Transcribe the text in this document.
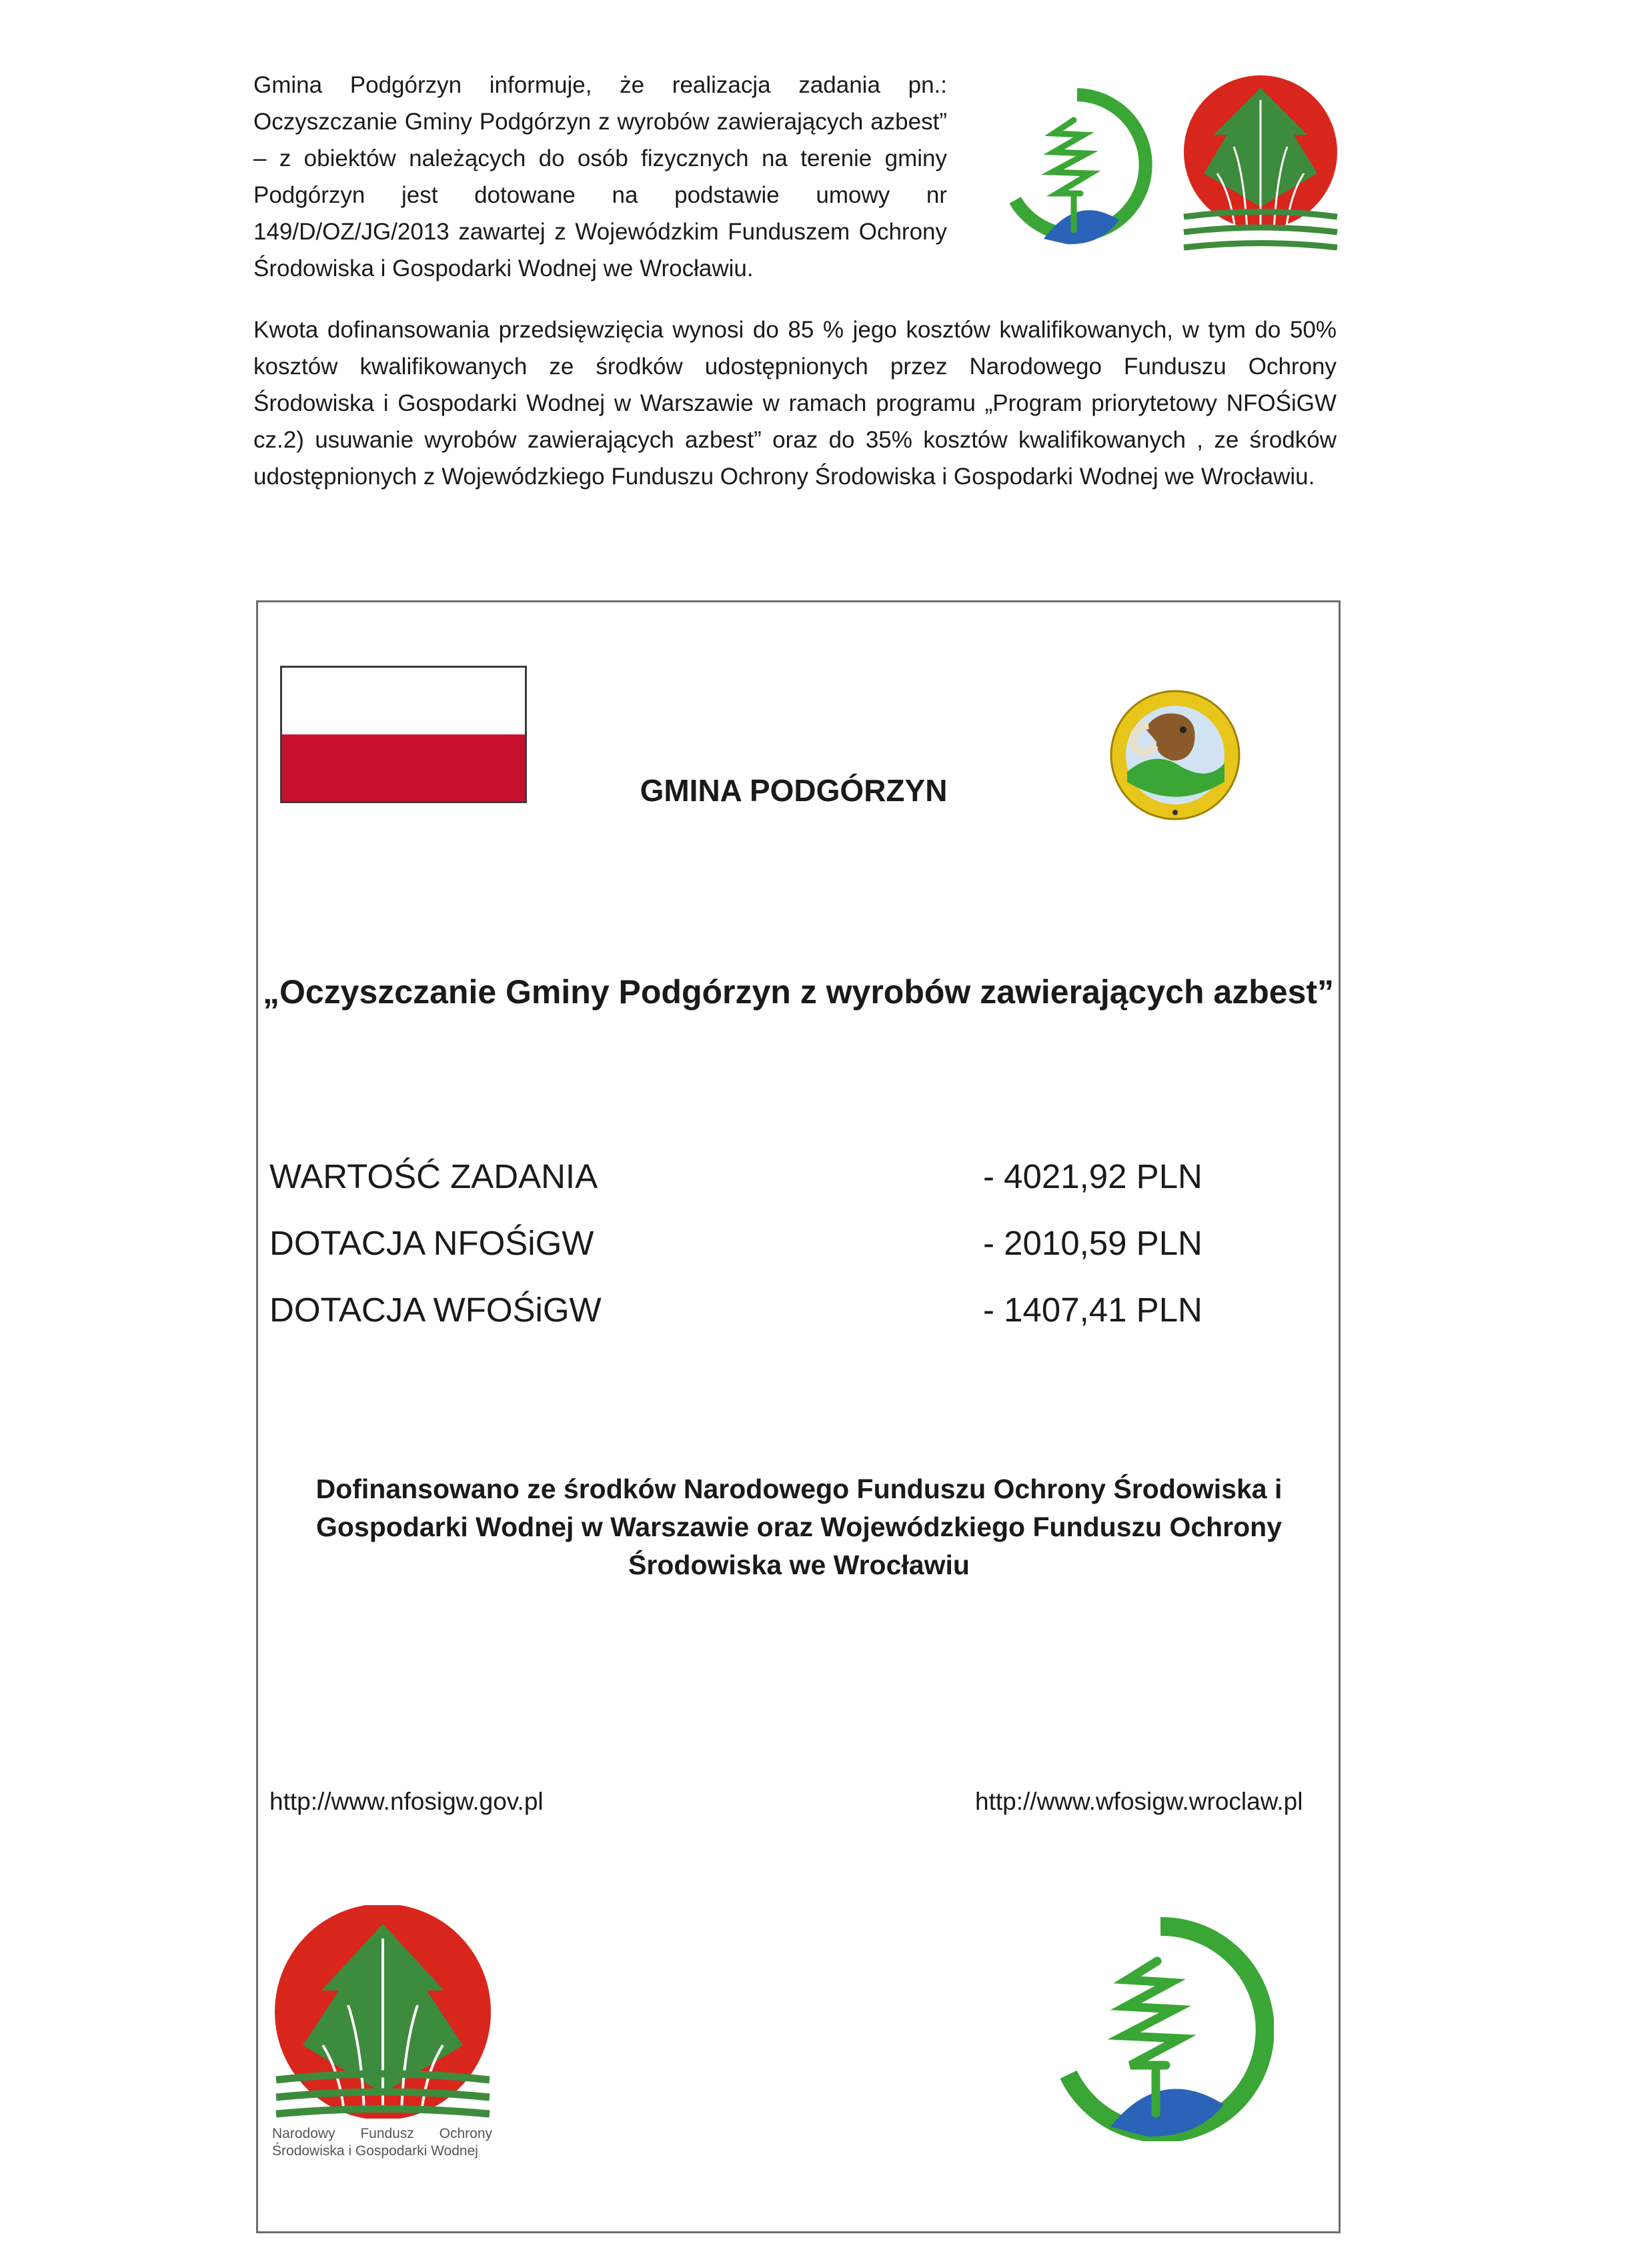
Gmina Podgórzyn informuje, że realizacja zadania pn.: Oczyszczanie Gminy Podgórzyn z wyrobów zawierających azbest” – z obiektów należących do osób fizycznych na terenie gminy Podgórzyn jest dotowane na podstawie umowy nr 149/D/OZ/JG/2013 zawartej z Wojewódzkim Funduszem Ochrony Środowiska i Gospodarki Wodnej we Wrocławiu.
Kwota dofinansowania przedsięwzięcia wynosi do 85 % jego kosztów kwalifikowanych, w tym do 50% kosztów kwalifikowanych ze środków udostępnionych przez Narodowego Funduszu Ochrony Środowiska i Gospodarki Wodnej w Warszawie w ramach programu „Program priorytetowy NFOŚiGW cz.2) usuwanie wyrobów zawierających azbest” oraz do 35% kosztów kwalifikowanych , ze środków udostępnionych z Wojewódzkiego Funduszu Ochrony Środowiska i Gospodarki Wodnej we Wrocławiu.
GMINA PODGÓRZYN
„Oczyszczanie Gminy Podgórzyn z wyrobów zawierających azbest”
WARTOŚĆ ZADANIA	- 4021,92 PLN
DOTACJA NFOŚiGW	- 2010,59 PLN
DOTACJA WFOŚiGW	- 1407,41 PLN
Dofinansowano ze środków Narodowego Funduszu Ochrony Środowiska i Gospodarki Wodnej w Warszawie oraz Wojewódzkiego Funduszu Ochrony Środowiska we Wrocławiu
http://www.nfosigw.gov.pl	http://www.wfosigw.wroclaw.pl
Narodowy Fundusz Ochrony Środowiska i Gospodarki Wodnej
